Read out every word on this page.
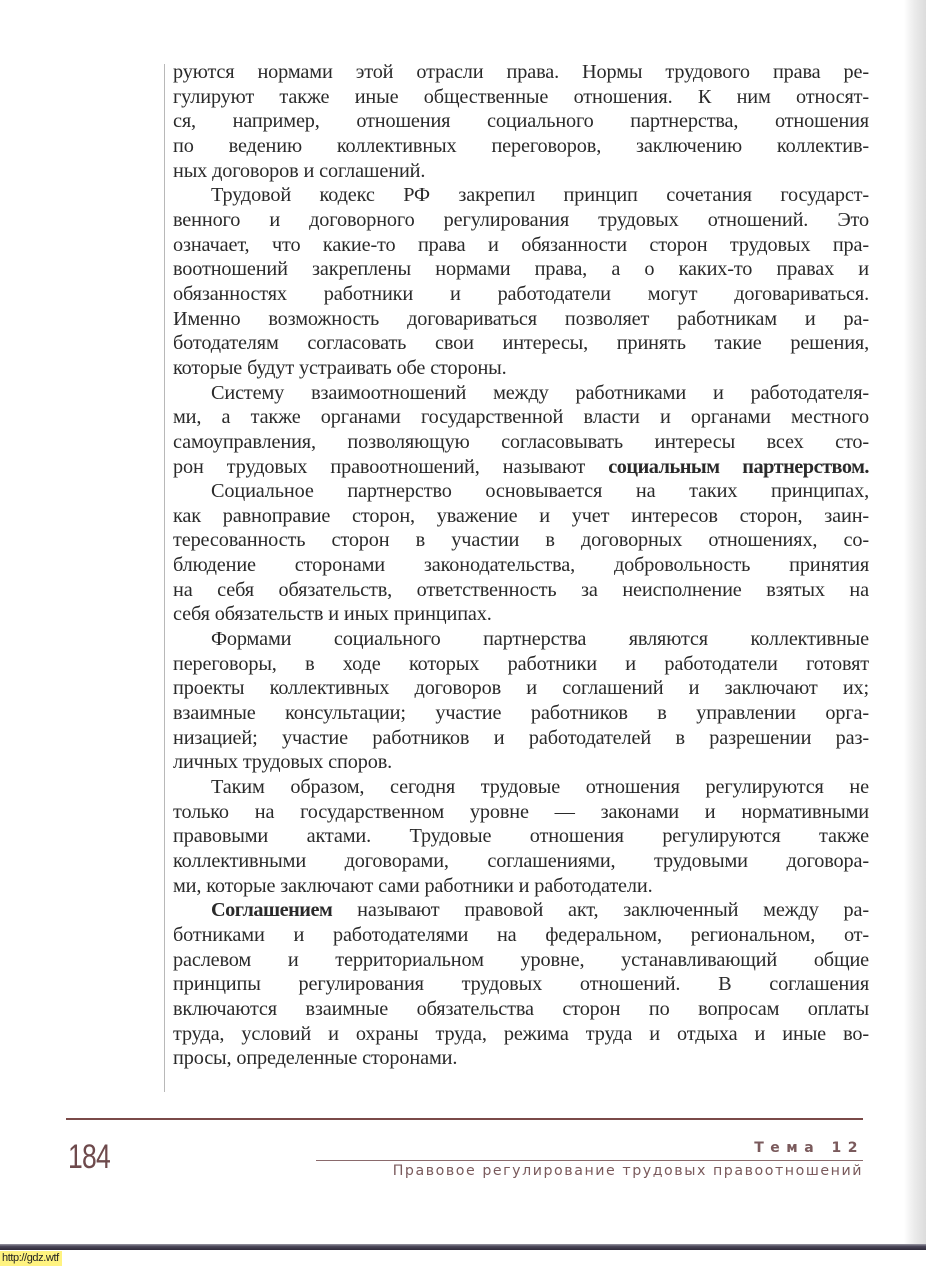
руются нормами этой отрасли права. Нормы трудового права ре-
гулируют также иные общественные отношения. К ним относят-
ся, например, отношения социального партнерства, отношения
по ведению коллективных переговоров, заключению коллектив-
ных договоров и соглашений.

Трудовой кодекс РФ закрепил принцип сочетания государст-
венного и договорного регулирования трудовых отношений. Это
означает, что какие-то права и обязанности сторон трудовых пра-
воотношений закреплены нормами права, а о каких-то правах и
обязанностях работники и работодатели могут договариваться.
Именно возможность договариваться позволяет работникам и ра-
ботодателям согласовать свои интересы, принять такие решения,
которые будут устраивать обе стороны.

Систему взаимоотношений между работниками и работодателя-
ми, а также органами государственной власти и органами местного
самоуправления, позволяющую согласовывать интересы всех сто-
рон трудовых правоотношений, называют социальным партнерством.

Социальное партнерство основывается на таких принципах,
как равноправие сторон, уважение и учет интересов сторон, заин-
тересованность сторон в участии в договорных отношениях, со-
блюдение сторонами законодательства, добровольность принятия
на себя обязательств, ответственность за неисполнение взятых на
себя обязательств и иных принципах.

Формами социального партнерства являются коллективные
переговоры, в ходе которых работники и работодатели готовят
проекты коллективных договоров и соглашений и заключают их;
взаимные консультации; участие работников в управлении орга-
низацией; участие работников и работодателей в разрешении раз-
личных трудовых споров.

Таким образом, сегодня трудовые отношения регулируются не
только на государственном уровне — законами и нормативными
правовыми актами. Трудовые отношения регулируются также
коллективными договорами, соглашениями, трудовыми договора-
ми, которые заключают сами работники и работодатели.

Соглашением называют правовой акт, заключенный между ра-
ботниками и работодателями на федеральном, региональном, от-
раслевом и территориальном уровне, устанавливающий общие
принципы регулирования трудовых отношений. В соглашения
включаются взаимные обязательства сторон по вопросам оплаты
труда, условий и охраны труда, режима труда и отдыха и иные во-
просы, определенные сторонами.

184	Тема 12
Правовое регулирование трудовых правоотношений
http://gdz.wtf
